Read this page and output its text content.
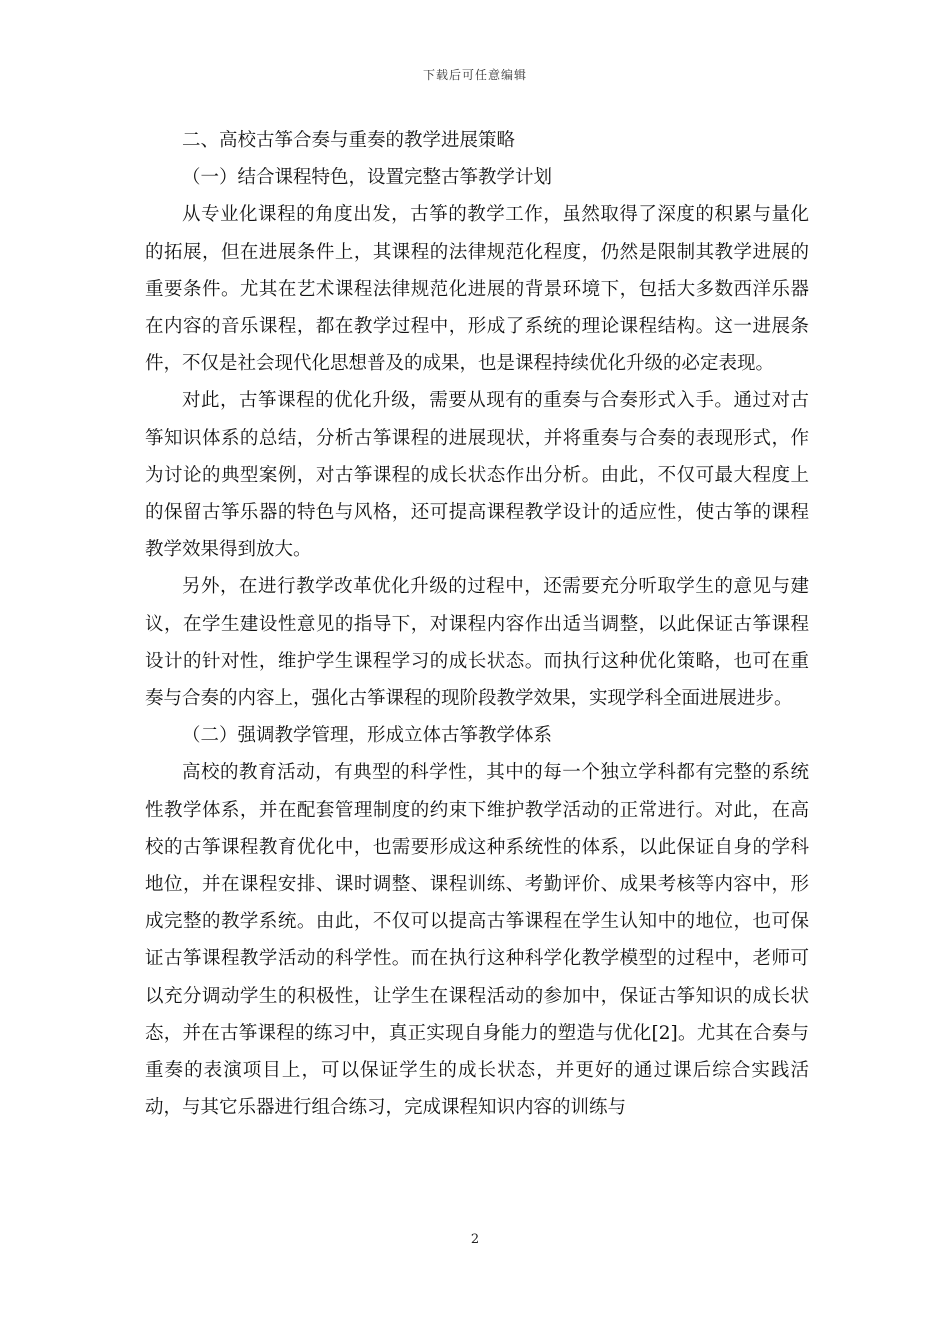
下载后可任意编辑

二、高校古筝合奏与重奏的教学进展策略

（一）结合课程特色，设置完整古筝教学计划

从专业化课程的角度出发，古筝的教学工作，虽然取得了深度的积累与量化的拓展，但在进展条件上，其课程的法律规范化程度，仍然是限制其教学进展的重要条件。尤其在艺术课程法律规范化进展的背景环境下，包括大多数西洋乐器在内容的音乐课程，都在教学过程中，形成了系统的理论课程结构。这一进展条件，不仅是社会现代化思想普及的成果，也是课程持续优化升级的必定表现。

对此，古筝课程的优化升级，需要从现有的重奏与合奏形式入手。通过对古筝知识体系的总结，分析古筝课程的进展现状，并将重奏与合奏的表现形式，作为讨论的典型案例，对古筝课程的成长状态作出分析。由此，不仅可最大程度上的保留古筝乐器的特色与风格，还可提高课程教学设计的适应性，使古筝的课程教学效果得到放大。

另外，在进行教学改革优化升级的过程中，还需要充分听取学生的意见与建议，在学生建设性意见的指导下，对课程内容作出适当调整，以此保证古筝课程设计的针对性，维护学生课程学习的成长状态。而执行这种优化策略，也可在重奏与合奏的内容上，强化古筝课程的现阶段教学效果，实现学科全面进展进步。

（二）强调教学管理，形成立体古筝教学体系

高校的教育活动，有典型的科学性，其中的每一个独立学科都有完整的系统性教学体系，并在配套管理制度的约束下维护教学活动的正常进行。对此，在高校的古筝课程教育优化中，也需要形成这种系统性的体系，以此保证自身的学科地位，并在课程安排、课时调整、课程训练、考勤评价、成果考核等内容中，形成完整的教学系统。由此，不仅可以提高古筝课程在学生认知中的地位，也可保证古筝课程教学活动的科学性。而在执行这种科学化教学模型的过程中，老师可以充分调动学生的积极性，让学生在课程活动的参加中，保证古筝知识的成长状态，并在古筝课程的练习中，真正实现自身能力的塑造与优化[2]。尤其在合奏与重奏的表演项目上，可以保证学生的成长状态，并更好的通过课后综合实践活动，与其它乐器进行组合练习，完成课程知识内容的训练与

2
